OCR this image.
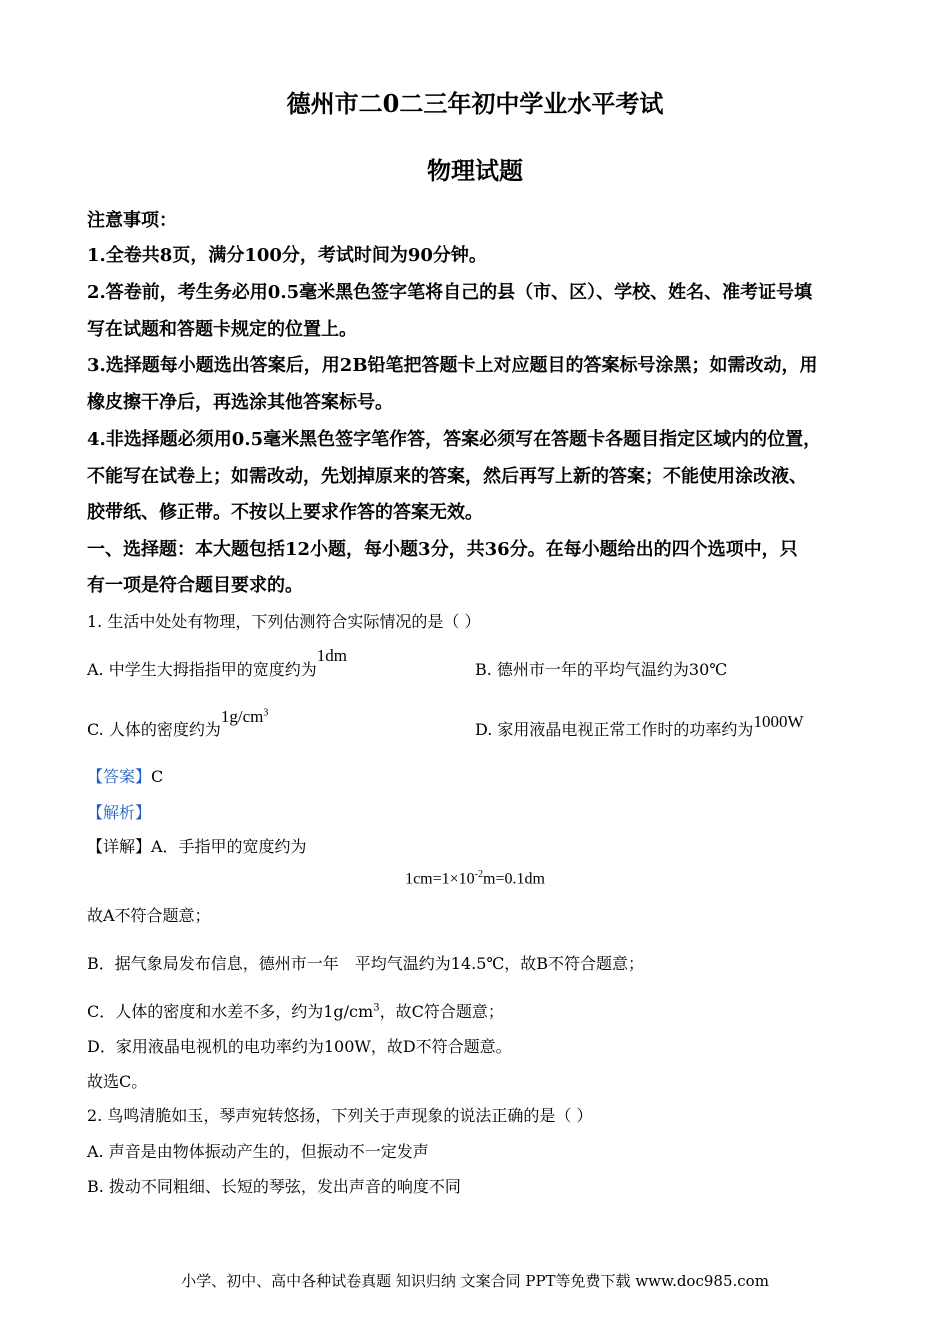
德州市二0二三年初中学业水平考试
物理试题
注意事项：
1.全卷共8页，满分100分，考试时间为90分钟。
2.答卷前，考生务必用0.5毫米黑色签字笔将自己的县（市、区）、学校、姓名、准考证号填
写在试题和答题卡规定的位置上。
3.选择题每小题选出答案后，用2B铅笔把答题卡上对应题目的答案标号涂黑；如需改动，用
橡皮擦干净后，再选涂其他答案标号。
4.非选择题必须用0.5毫米黑色签字笔作答，答案必须写在答题卡各题目指定区域内的位置，
不能写在试卷上；如需改动，先划掉原来的答案，然后再写上新的答案；不能使用涂改液、
胶带纸、修正带。不按以上要求作答的答案无效。
一、选择题：本大题包括12小题，每小题3分，共36分。在每小题给出的四个选项中，只
有一项是符合题目要求的。
1. 生活中处处有物理，下列估测符合实际情况的是（ ）
A. 中学生大拇指指甲的宽度约为1dm
B. 德州市一年的平均气温约为30℃
C. 人体的密度约为$1g/cm^3$
D. 家用液晶电视正常工作时的功率约为1000W
【答案】C
【解析】
【详解】A．手指甲的宽度约为
$1cm=1\times 10^{-2}m=0.1dm$
故A不符合题意；
B．据气象局发布信息，德州市一年　平均气温约为14.5℃，故B不符合题意；
C．人体的密度和水差不多，约为$1g/cm^3$，故C符合题意；
D．家用液晶电视机的电功率约为100W，故D不符合题意。
故选C。
2. 鸟鸣清脆如玉，琴声宛转悠扬，下列关于声现象的说法正确的是（ ）
A. 声音是由物体振动产生的，但振动不一定发声
B. 拨动不同粗细、长短的琴弦，发出声音的响度不同
小学、初中、高中各种试卷真题 知识归纳 文案合同 PPT等免费下载 www.doc985.com
